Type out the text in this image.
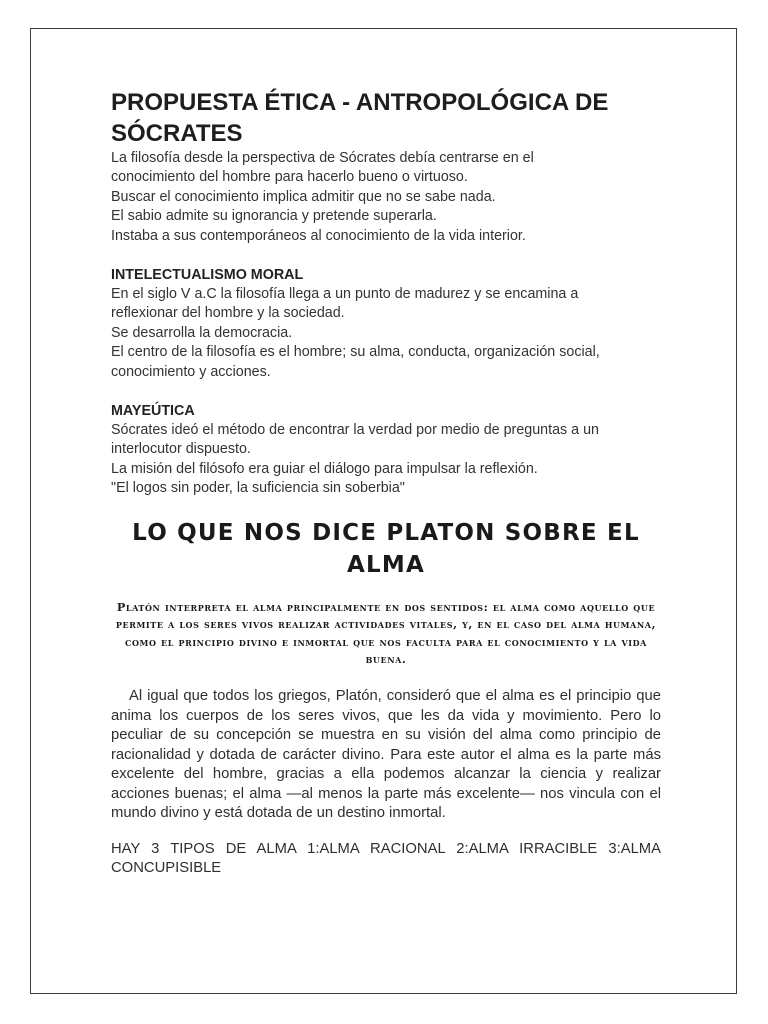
PROPUESTA ÉTICA - ANTROPOLÓGICA DE SÓCRATES

La filosofía desde la perspectiva de Sócrates debía centrarse en el
conocimiento del hombre para hacerlo bueno o virtuoso.
Buscar el conocimiento implica admitir que no se sabe nada.
El sabio admite su ignorancia y pretende superarla.
Instaba a sus contemporáneos al conocimiento de la vida interior.

INTELECTUALISMO MORAL

En el siglo V a.C la filosofía llega a un punto de madurez y se encamina a
reflexionar del hombre y la sociedad.
Se desarrolla la democracia.
El centro de la filosofía es el hombre; su alma, conducta, organización social,
conocimiento y acciones.

MAYEÚTICA

Sócrates ideó el método de encontrar la verdad por medio de preguntas a un
interlocutor dispuesto.
La misión del filósofo era guiar el diálogo para impulsar la reflexión.
"El logos sin poder, la suficiencia sin soberbia"

LO QUE NOS DICE PLATON SOBRE EL ALMA

Platón interpreta el alma principalmente en dos sentidos: el alma como aquello que permite a los seres vivos realizar actividades vitales, y, en el caso del alma humana, como el principio divino e inmortal que nos faculta para el conocimiento y la vida buena.

Al igual que todos los griegos, Platón, consideró que el alma es el principio que anima los cuerpos de los seres vivos, que les da vida y movimiento. Pero lo peculiar de su concepción se muestra en su visión del alma como principio de racionalidad y dotada de carácter divino. Para este autor el alma es la parte más excelente del hombre, gracias a ella podemos alcanzar la ciencia y realizar acciones buenas; el alma —al menos la parte más excelente— nos vincula con el mundo divino y está dotada de un destino inmortal.

HAY 3 TIPOS DE ALMA 1:ALMA RACIONAL 2:ALMA IRRACIBLE 3:ALMA CONCUPISIBLE
